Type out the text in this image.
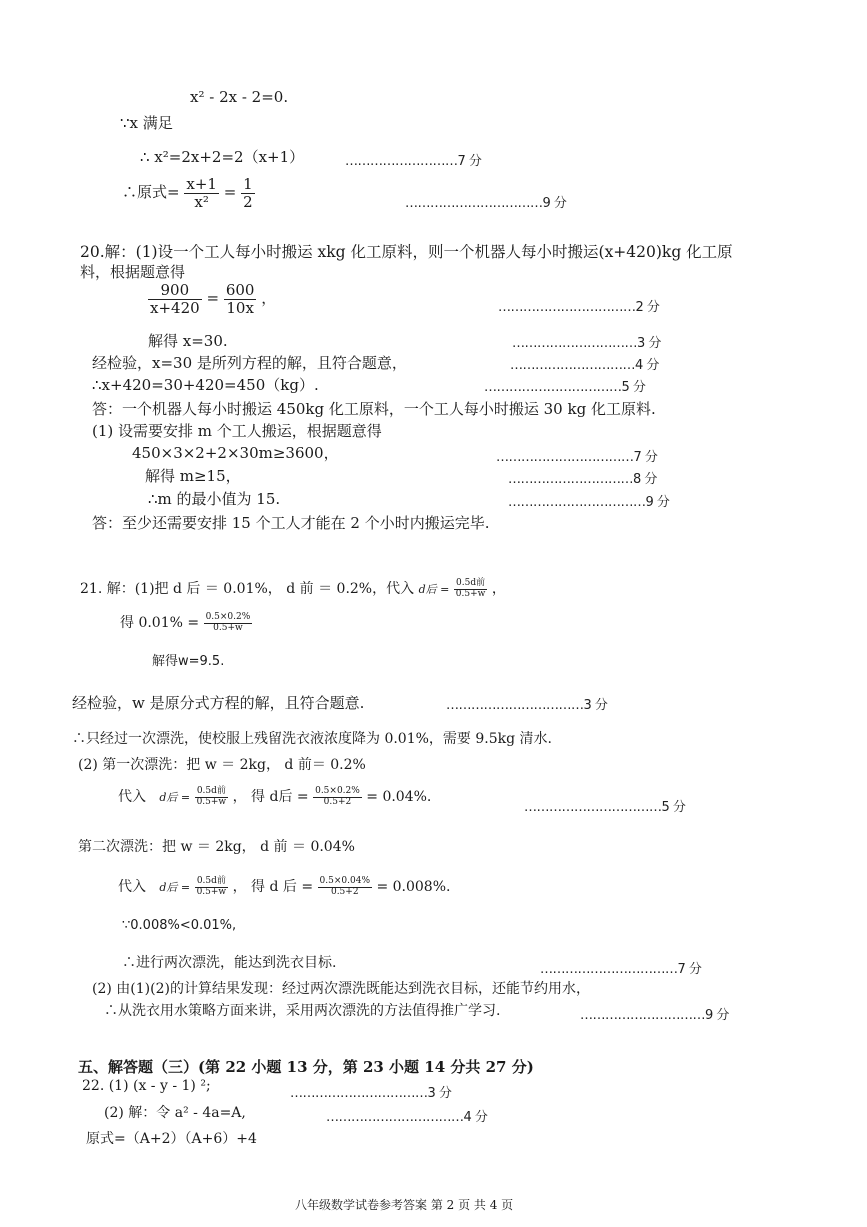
x² - 2x - 2=0.
∵x 满足
∴ x²=2x+2=2（x+1）	………………………7 分
∴原式= $\frac{x+1}{\text{x²}} = \frac{1}{2}$	……………………………9 分
20.解：(1)设一个工人每小时搬运 xkg 化工原料，则一个机器人每小时搬运(x+420)kg 化工原
料，根据题意得
$\frac{900}{x+420} = \frac{600}{10x}$ ，
……………………………2 分
解得 x=30.	…………………………3 分
经检验，x=30 是所列方程的解，且符合题意，	…………………………4 分
∴x+420=30+420=450（kg）.	……………………………5 分
答：一个机器人每小时搬运 450kg 化工原料，一个工人每小时搬运 30 kg 化工原料.
(1) 设需要安排 m 个工人搬运，根据题意得
450×3×2+2×30m≥3600，	……………………………7 分
解得 m≥15，	…………………………8 分
∴m 的最小值为 15.	……………………………9 分
答：至少还需要安排 15 个工人才能在 2 个小时内搬运完毕.
21. 解：(1)把 d 后 ＝ 0.01%， d 前 ＝ 0.2%，代入 d后 = $\frac{\text{0.5d前}}{0.5+w}$ ，
得 $0.01\% = \frac{0.5\times 0.2\%}{0.5+w}$
解得w=9.5.
经检验，w 是原分式方程的解，且符合题意.	……………………………3 分
∴只经过一次漂洗，使校服上残留洗衣液浓度降为 0.01%，需要 9.5kg 清水.
(2) 第一次漂洗：把 w ＝ 2kg， d 前＝ 0.2%
代入 d后 = $\frac{\text{0.5d前}}{0.5+w}$ ， 得 d后 = $\frac{0.5\times 0.2\%}{0.5+2} = 0.04\%$.
……………………………5 分
第二次漂洗：把 w ＝ 2kg， d 前 ＝ 0.04%
代入 d后 = $\frac{\text{0.5d前}}{0.5+w}$ ， 得 d 后 = $\frac{0.5\times 0.04\%}{0.5+2} = 0.008\%$.
∵0.008%<0.01%,
∴进行两次漂洗，能达到洗衣目标.	……………………………7 分
(2) 由(1)(2)的计算结果发现：经过两次漂洗既能达到洗衣目标，还能节约用水，
∴从洗衣用水策略方面来讲，采用两次漂洗的方法值得推广学习.	…………………………9 分
五、解答题（三）(第 22 小题 13 分，第 23 小题 14 分共 27 分)
22. (1) (x - y - 1) ²;	……………………………3 分
(2) 解：令 a² - 4a=A,	……………………………4 分
原式=（A+2）（A+6）+4
八年级数学试卷参考答案 第 2 页 共 4 页
